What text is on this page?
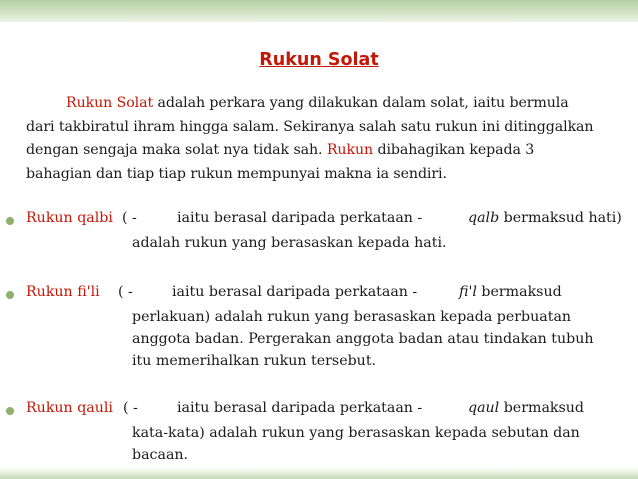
Rukun Solat

Rukun Solat adalah perkara yang dilakukan dalam solat, iaitu bermula
dari takbiratul ihram hingga salam. Sekiranya salah satu rukun ini ditinggalkan
dengan sengaja maka solat nya tidak sah. Rukun dibahagikan kepada 3
bahagian dan tiap tiap rukun mempunyai makna ia sendiri.

Rukun qalbi ( -	iaitu berasal daripada perkataan -	qalb bermaksud hati)
adalah rukun yang berasaskan kepada hati.
Rukun fi'li ( -	iaitu berasal daripada perkataan -	fi'l bermaksud
perlakuan) adalah rukun yang berasaskan kepada perbuatan
anggota badan. Pergerakan anggota badan atau tindakan tubuh
itu memerihalkan rukun tersebut.
Rukun qauli ( -	iaitu berasal daripada perkataan -	qaul bermaksud
kata-kata) adalah rukun yang berasaskan kepada sebutan dan
bacaan.
